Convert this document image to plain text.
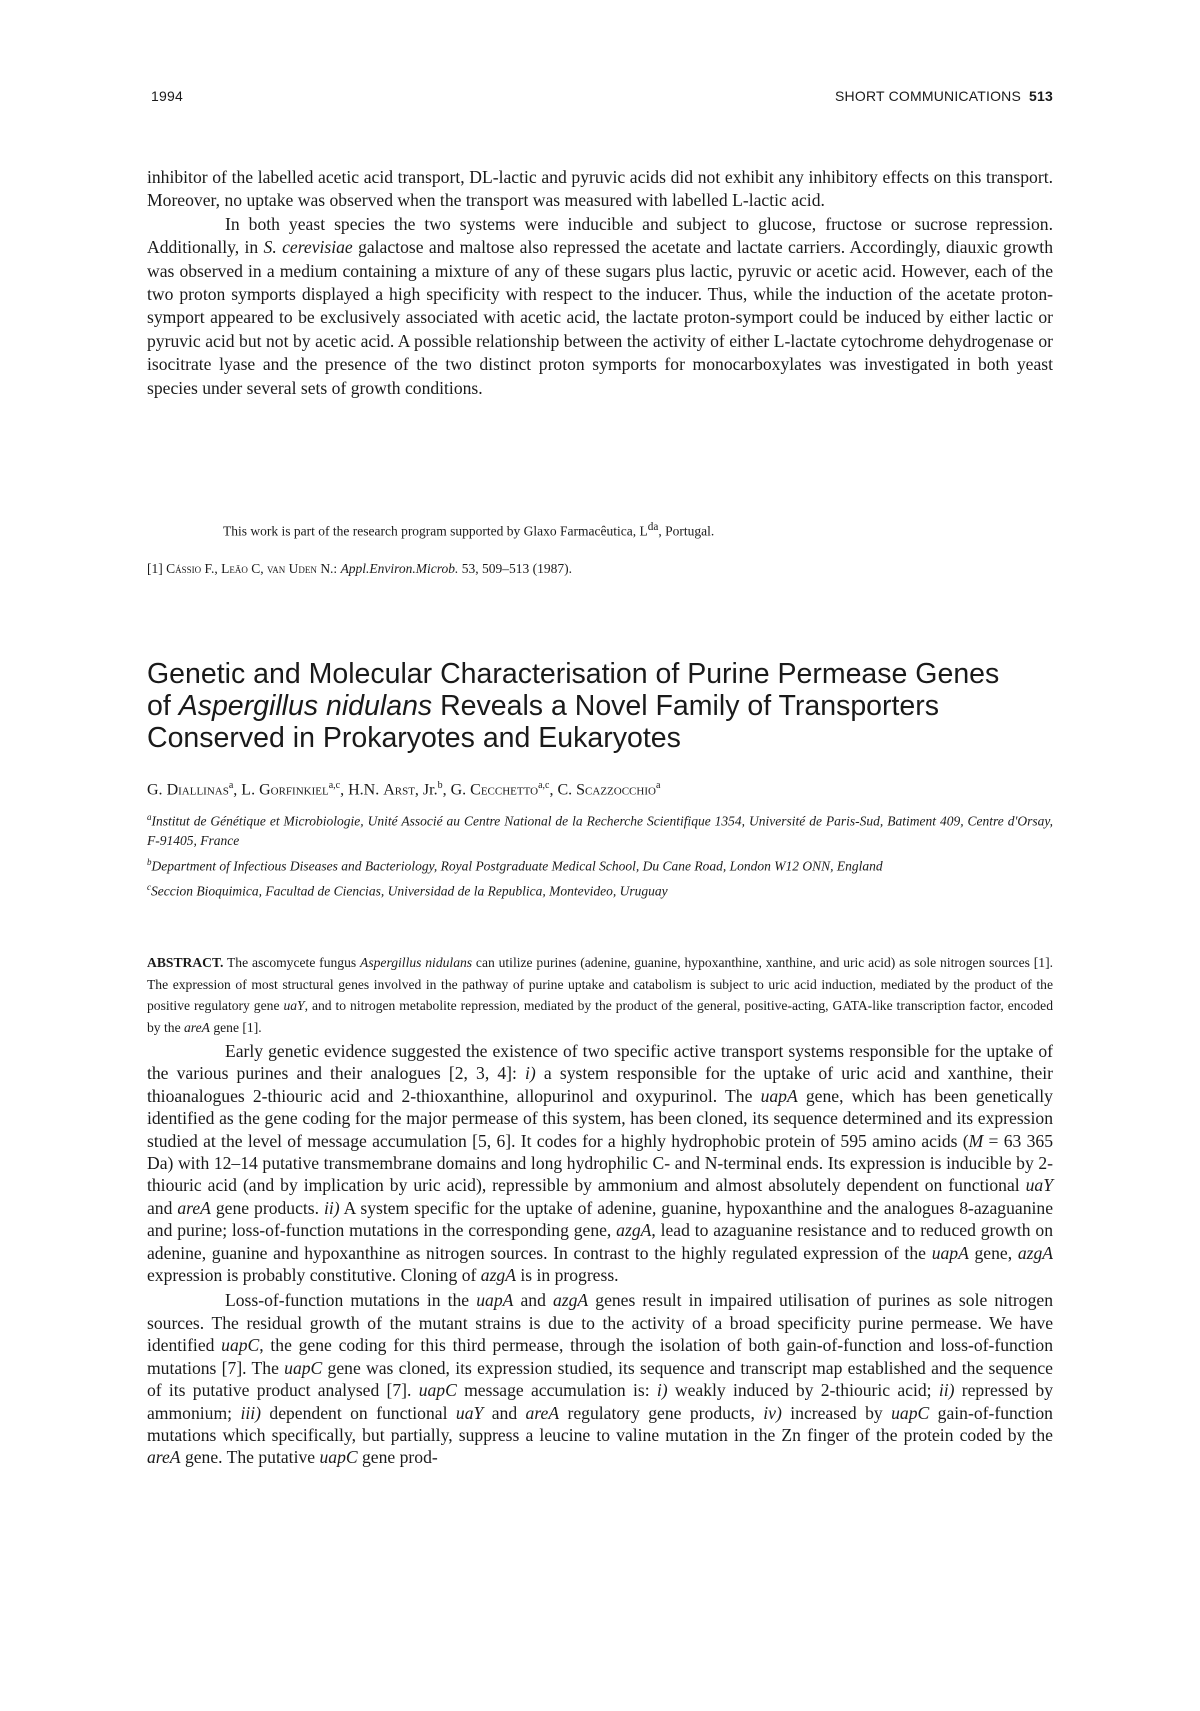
1994	SHORT COMMUNICATIONS 513

inhibitor of the labelled acetic acid transport, DL-lactic and pyruvic acids did not exhibit any inhibitory effects on this transport. Moreover, no uptake was observed when the transport was measured with labelled L-lactic acid.

In both yeast species the two systems were inducible and subject to glucose, fructose or sucrose repression. Additionally, in S. cerevisiae galactose and maltose also repressed the acetate and lactate carriers. Accordingly, diauxic growth was observed in a medium containing a mixture of any of these sugars plus lactic, pyruvic or acetic acid. However, each of the two proton symports displayed a high specificity with respect to the inducer. Thus, while the induction of the acetate proton-symport appeared to be exclusively associated with acetic acid, the lactate proton-symport could be induced by either lactic or pyruvic acid but not by acetic acid. A possible relationship between the activity of either L-lactate cytochrome dehydrogenase or isocitrate lyase and the presence of the two distinct proton symports for monocarboxylates was investigated in both yeast species under several sets of growth conditions.

This work is part of the research program supported by Glaxo Farmacêutica, $L^{da}$, Portugal.
[1] Cássio F., Leão C, van Uden N.: Appl.Environ.Microb. 53, 509–513 (1987).
Genetic and Molecular Characterisation of Purine Permease Genes
of Aspergillus nidulans Reveals a Novel Family of Transporters
Conserved in Prokaryotes and Eukaryotes
G. Diallinas$^a$, L. Gorfinkiel$^{a,c}$, H.N. Arst, Jr.$^b$, G. Cecchetto$^{a,c}$, C. Scazzocchio$^a$

$^a$Institut de Génétique et Microbiologie, Unité Associé au Centre National de la Recherche Scientifique 1354, Université de Paris-Sud, Batiment 409, Centre d'Orsay, F-91405, France

$^b$Department of Infectious Diseases and Bacteriology, Royal Postgraduate Medical School, Du Cane Road, London W12 ONN, England

$^c$Seccion Bioquimica, Facultad de Ciencias, Universidad de la Republica, Montevideo, Uruguay

ABSTRACT. The ascomycete fungus Aspergillus nidulans can utilize purines (adenine, guanine, hypoxanthine, xanthine, and uric acid) as sole nitrogen sources [1]. The expression of most structural genes involved in the pathway of purine uptake and catabolism is subject to uric acid induction, mediated by the product of the positive regulatory gene uaY, and to nitrogen metabolite repression, mediated by the product of the general, positive-acting, GATA-like transcription factor, encoded by the areA gene [1].

Early genetic evidence suggested the existence of two specific active transport systems responsible for the uptake of the various purines and their analogues [2, 3, 4]: i) a system responsible for the uptake of uric acid and xanthine, their thioanalogues 2-thiouric acid and 2-thioxanthine, allopurinol and oxypurinol. The uapA gene, which has been genetically identified as the gene coding for the major permease of this system, has been cloned, its sequence determined and its expression studied at the level of message accumulation [5, 6]. It codes for a highly hydrophobic protein of 595 amino acids (M = 63 365 Da) with 12–14 putative transmembrane domains and long hydrophilic C- and N-terminal ends. Its expression is inducible by 2-thiouric acid (and by implication by uric acid), repressible by ammonium and almost absolutely dependent on functional uaY and areA gene products. ii) A system specific for the uptake of adenine, guanine, hypoxanthine and the analogues 8-azaguanine and purine; loss-of-function mutations in the corresponding gene, azgA, lead to azaguanine resistance and to reduced growth on adenine, guanine and hypoxanthine as nitrogen sources. In contrast to the highly regulated expression of the uapA gene, azgA expression is probably constitutive. Cloning of azgA is in progress.

Loss-of-function mutations in the uapA and azgA genes result in impaired utilisation of purines as sole nitrogen sources. The residual growth of the mutant strains is due to the activity of a broad specificity purine permease. We have identified uapC, the gene coding for this third permease, through the isolation of both gain-of-function and loss-of-function mutations [7]. The uapC gene was cloned, its expression studied, its sequence and transcript map established and the sequence of its putative product analysed [7]. uapC message accumulation is: i) weakly induced by 2-thiouric acid; ii) repressed by ammonium; iii) dependent on functional uaY and areA regulatory gene products, iv) increased by uapC gain-of-function mutations which specifically, but partially, suppress a leucine to valine mutation in the Zn finger of the protein coded by the areA gene. The putative uapC gene prod-
